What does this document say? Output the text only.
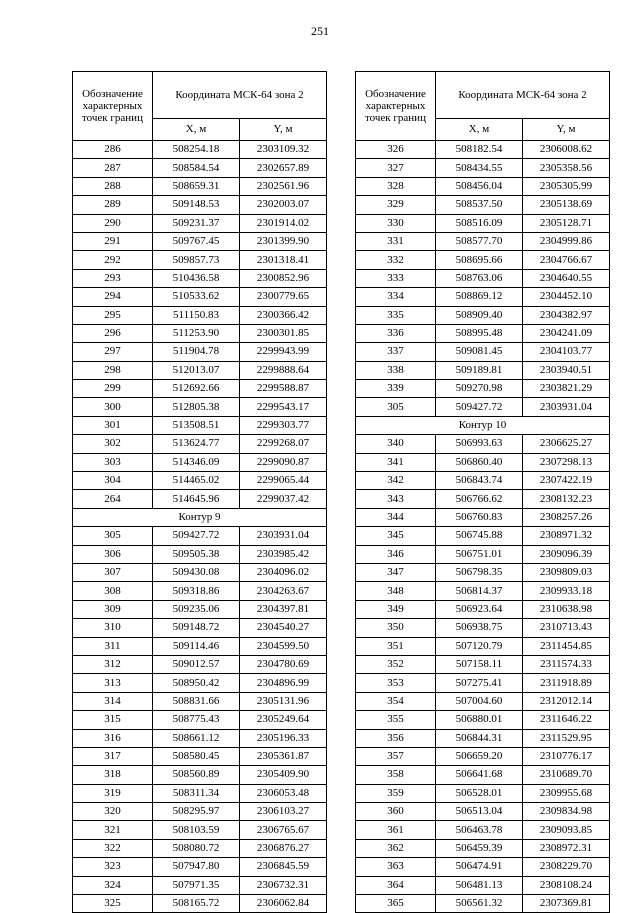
251
Обозначение характерных точек границ	Координата МСК-64 зона 2	
	X, м	Y, м
286	508254.18	2303109.32
287	508584.54	2302657.89
288	508659.31	2302561.96
289	509148.53	2302003.07
290	509231.37	2301914.02
291	509767.45	2301399.90
292	509857.73	2301318.41
293	510436.58	2300852.96
294	510533.62	2300779.65
295	511150.83	2300366.42
296	511253.90	2300301.85
297	511904.78	2299943.99
298	512013.07	2299888.64
299	512692.66	2299588.87
300	512805.38	2299543.17
301	513508.51	2299303.77
302	513624.77	2299268.07
303	514346.09	2299090.87
304	514465.02	2299065.44
264	514645.96	2299037.42
Контур 9		
305	509427.72	2303931.04
306	509505.38	2303985.42
307	509430.08	2304096.02
308	509318.86	2304263.67
309	509235.06	2304397.81
310	509148.72	2304540.27
311	509114.46	2304599.50
312	509012.57	2304780.69
313	508950.42	2304896.99
314	508831.66	2305131.96
315	508775.43	2305249.64
316	508661.12	2305196.33
317	508580.45	2305361.87
318	508560.89	2305409.90
319	508311.34	2306053.48
320	508295.97	2306103.27
321	508103.59	2306765.67
322	508080.72	2306876.27
323	507947.80	2306845.59
324	507971.35	2306732.31
325	508165.72	2306062.84
Обозначение характерных точек границ	Координата МСК-64 зона 2	
	X, м	Y, м
326	508182.54	2306008.62
327	508434.55	2305358.56
328	508456.04	2305305.99
329	508537.50	2305138.69
330	508516.09	2305128.71
331	508577.70	2304999.86
332	508695.66	2304766.67
333	508763.06	2304640.55
334	508869.12	2304452.10
335	508909.40	2304382.97
336	508995.48	2304241.09
337	509081.45	2304103.77
338	509189.81	2303940.51
339	509270.98	2303821.29
305	509427.72	2303931.04
Контур 10		
340	506993.63	2306625.27
341	506860.40	2307298.13
342	506843.74	2307422.19
343	506766.62	2308132.23
344	506760.83	2308257.26
345	506745.88	2308971.32
346	506751.01	2309096.39
347	506798.35	2309809.03
348	506814.37	2309933.18
349	506923.64	2310638.98
350	506938.75	2310713.43
351	507120.79	2311454.85
352	507158.11	2311574.33
353	507275.41	2311918.89
354	507004.60	2312012.14
355	506880.01	2311646.22
356	506844.31	2311529.95
357	506659.20	2310776.17
358	506641.68	2310689.70
359	506528.01	2309955.68
360	506513.04	2309834.98
361	506463.78	2309093.85
362	506459.39	2308972.31
363	506474.91	2308229.70
364	506481.13	2308108.24
365	506561.32	2307369.81
